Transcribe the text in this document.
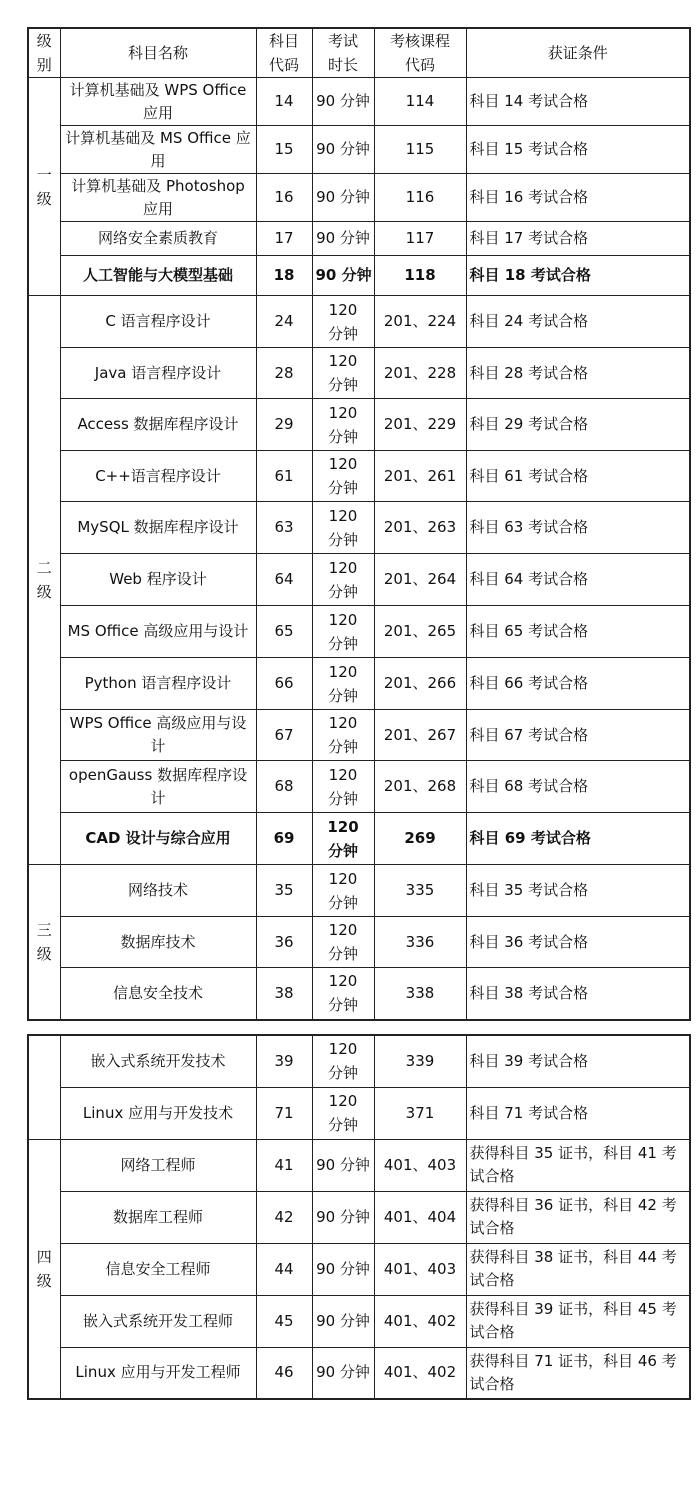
级别	科目名称	科目代码	考试时长	考核课程代码	获证条件

一级	计算机基础及 WPS Office 应用	14	90 分钟	114	科目 14 考试合格
	计算机基础及 MS Office 应用	15	90 分钟	115	科目 15 考试合格
	计算机基础及 Photoshop 应用	16	90 分钟	116	科目 16 考试合格
	网络安全素质教育	17	90 分钟	117	科目 17 考试合格
	人工智能与大模型基础	18	90 分钟	118	科目 18 考试合格

二级	C 语言程序设计	24	120 分钟	201、224	科目 24 考试合格
	Java 语言程序设计	28	120 分钟	201、228	科目 28 考试合格
	Access 数据库程序设计	29	120 分钟	201、229	科目 29 考试合格
	C++语言程序设计	61	120 分钟	201、261	科目 61 考试合格
	MySQL 数据库程序设计	63	120 分钟	201、263	科目 63 考试合格
	Web 程序设计	64	120 分钟	201、264	科目 64 考试合格
	MS Office 高级应用与设计	65	120 分钟	201、265	科目 65 考试合格
	Python 语言程序设计	66	120 分钟	201、266	科目 66 考试合格
	WPS Office 高级应用与设计	67	120 分钟	201、267	科目 67 考试合格
	openGauss 数据库程序设计	68	120 分钟	201、268	科目 68 考试合格
	CAD 设计与综合应用	69	120 分钟	269	科目 69 考试合格

三级	网络技术	35	120 分钟	335	科目 35 考试合格
	数据库技术	36	120 分钟	336	科目 36 考试合格
	信息安全技术	38	120 分钟	338	科目 38 考试合格
	嵌入式系统开发技术	39	120 分钟	339	科目 39 考试合格
	Linux 应用与开发技术	71	120 分钟	371	科目 71 考试合格

四级	网络工程师	41	90 分钟	401、403	获得科目 35 证书，科目 41 考试合格
	数据库工程师	42	90 分钟	401、404	获得科目 36 证书，科目 42 考试合格
	信息安全工程师	44	90 分钟	401、403	获得科目 38 证书，科目 44 考试合格
	嵌入式系统开发工程师	45	90 分钟	401、402	获得科目 39 证书，科目 45 考试合格
	Linux 应用与开发工程师	46	90 分钟	401、402	获得科目 71 证书，科目 46 考试合格
